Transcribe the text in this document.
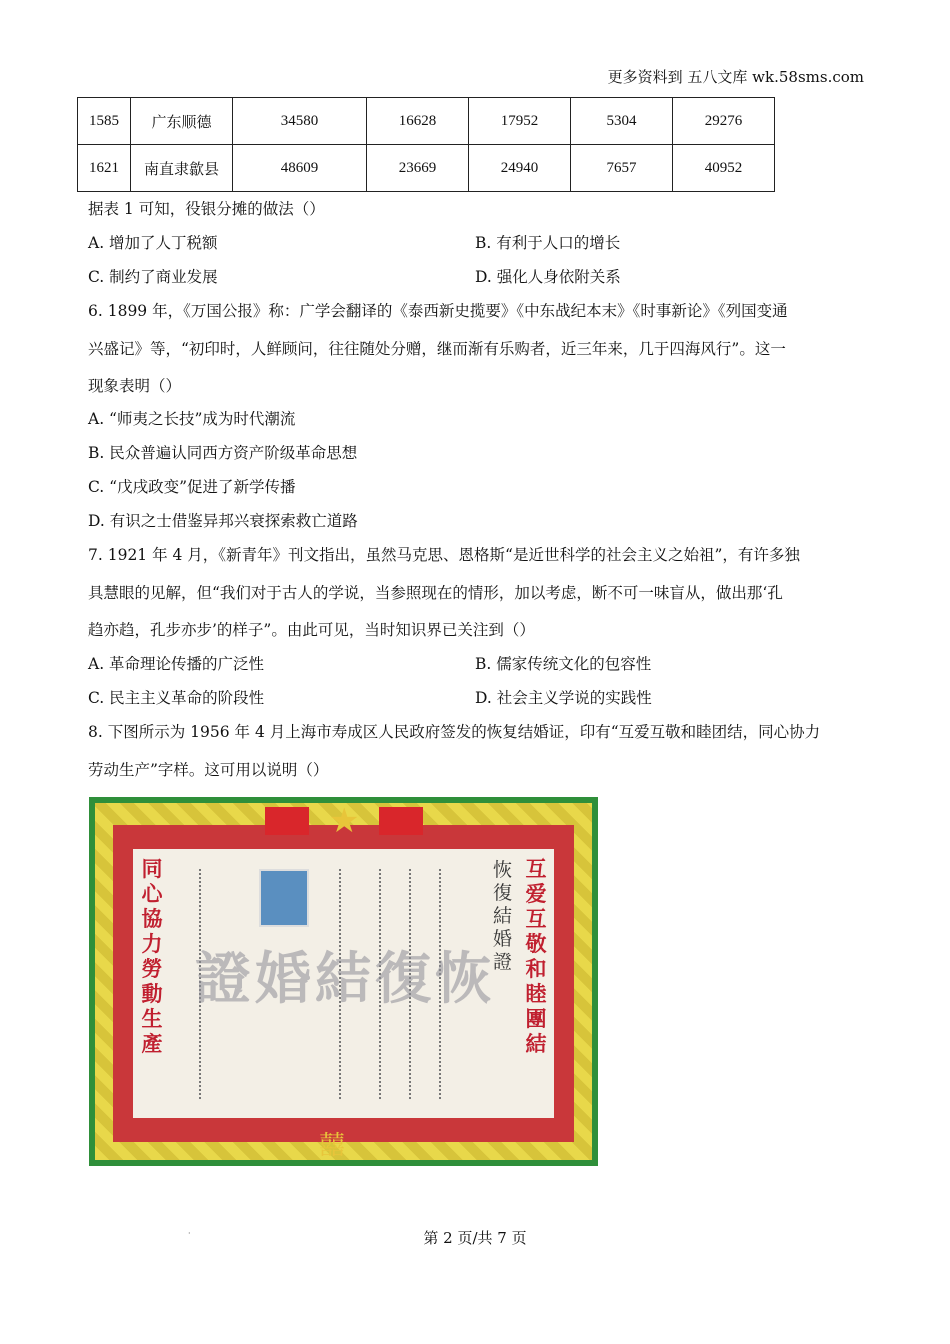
更多资料到 五八文库 wk.58sms.com
1585	广东顺德	34580	16628	17952	5304	29276
1621	南直隶歙县	48609	23669	24940	7657	40952
据表 1 可知，役银分摊的做法（）
A. 增加了人丁税额	B. 有利于人口的增长
C. 制约了商业发展	D. 强化人身依附关系
6. 1899 年，《万国公报》称：广学会翻译的《泰西新史揽要》《中东战纪本末》《时事新论》《列国变通
兴盛记》等，“初印时，人鲜顾问，往往随处分赠，继而渐有乐购者，近三年来，几于四海风行”。这一
现象表明（）
A. “师夷之长技”成为时代潮流
B. 民众普遍认同西方资产阶级革命思想
C. “戊戌政变”促进了新学传播
D. 有识之士借鉴异邦兴衰探索救亡道路
7. 1921 年 4 月，《新青年》刊文指出，虽然马克思、恩格斯“是近世科学的社会主义之始祖”，有许多独
具慧眼的见解，但“我们对于古人的学说，当参照现在的情形，加以考虑，断不可一味盲从，做出那‘孔
趋亦趋，孔步亦步’的样子”。由此可见，当时知识界已关注到（）
A. 革命理论传播的广泛性	B. 儒家传统文化的包容性
C. 民主主义革命的阶段性	D. 社会主义学说的实践性
8. 下图所示为 1956 年 4 月上海市寿成区人民政府签发的恢复结婚证，印有“互爱互敬和睦团结，同心协力
劳动生产”字样。这可用以说明（）
★
同心協力勞動生產
互爱互敬和睦團結
恢復結婚證
證婚結復恢
囍
·	第 2 页/共 7 页
